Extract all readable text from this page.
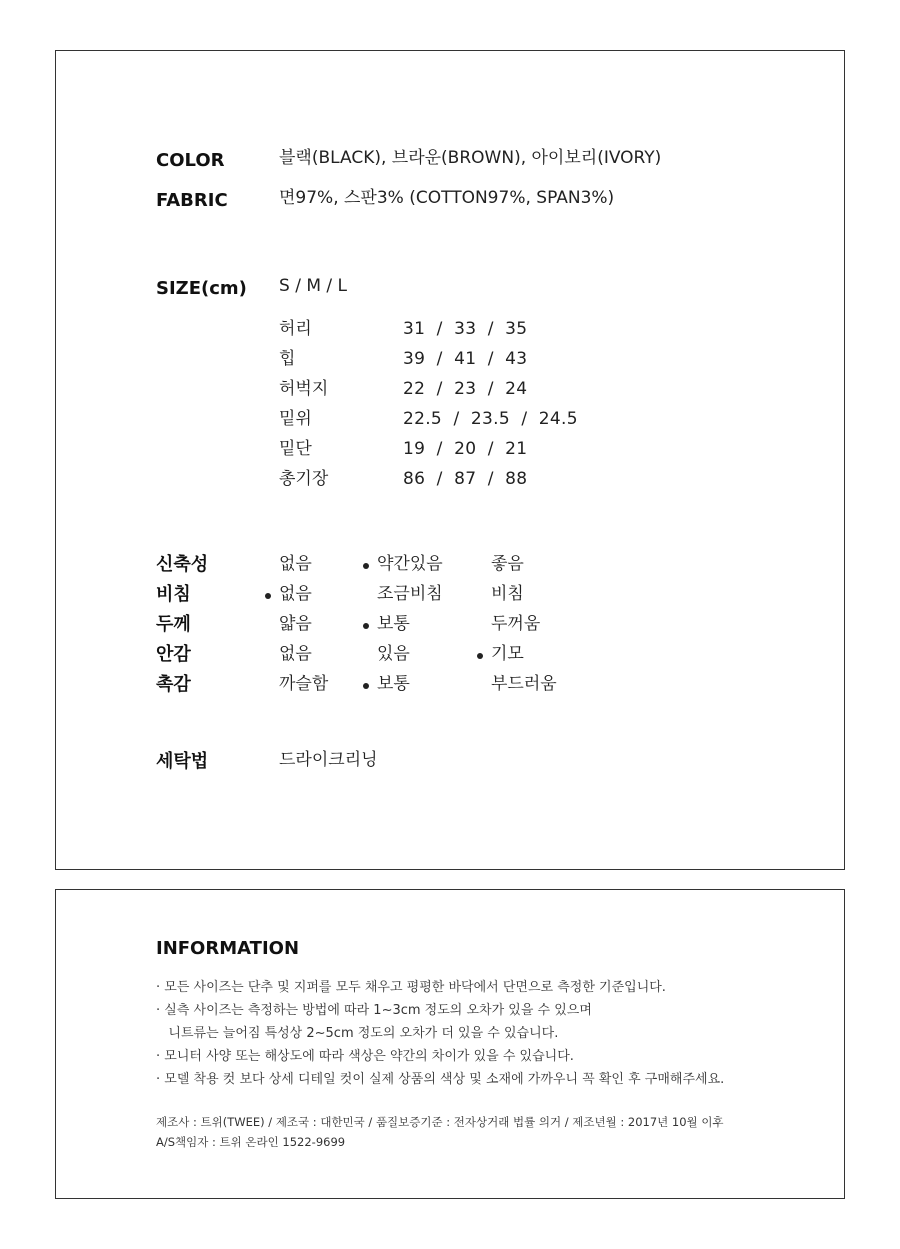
COLOR	블랙(BLACK), 브라운(BROWN), 아이보리(IVORY)
FABRIC	면97%, 스판3% (COTTON97%, SPAN3%)
SIZE(cm) S / M / L
허리	31  /  33  /  35
힙	39  /  41  /  43
허벅지	22  /  23  /  24
밑위	22.5  /  23.5  /  24.5
밑단	19  /  20  /  21
총기장	86  /  87  /  88
신축성	없음	약간있음	좋음
비침	없음	조금비침	비침
두께	얇음	보통	두꺼움
안감	없음	있음	기모
촉감	까슬함	보통	부드러움
세탁법	드라이크리닝
INFORMATION
· 모든 사이즈는 단추 및 지퍼를 모두 채우고 평평한 바닥에서 단면으로 측정한 기준입니다.
· 실측 사이즈는 측정하는 방법에 따라 1~3cm 정도의 오차가 있을 수 있으며
니트류는 늘어짐 특성상 2~5cm 정도의 오차가 더 있을 수 있습니다.
· 모니터 사양 또는 해상도에 따라 색상은 약간의 차이가 있을 수 있습니다.
· 모델 착용 컷 보다 상세 디테일 컷이 실제 상품의 색상 및 소재에 가까우니 꼭 확인 후 구매해주세요.
제조사 : 트위(TWEE) / 제조국 : 대한민국 / 품질보증기준 : 전자상거래 법률 의거 / 제조년월 : 2017년 10월 이후
A/S책임자 : 트위 온라인 1522-9699
